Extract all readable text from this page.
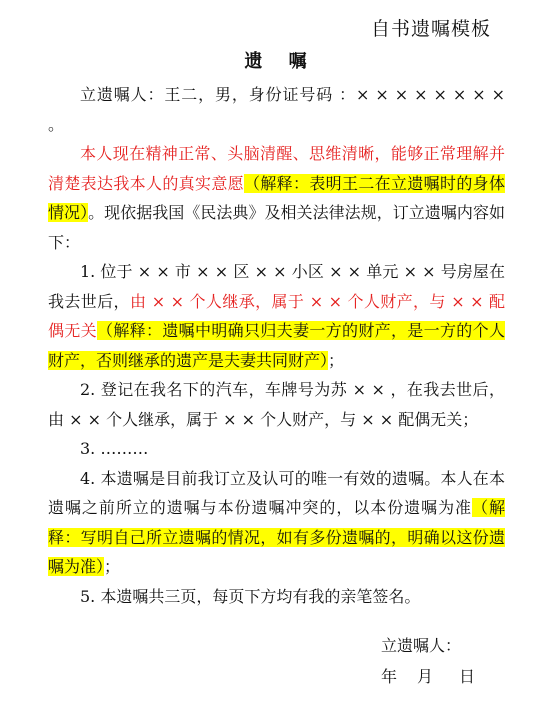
自书遗嘱模板
遗 嘱

立遗嘱人：王二，男，身份证号码 ：× × × × × × × × 。

本人现在精神正常、头脑清醒、思维清晰，能够正常理解并清楚表达我本人的真实意愿（解释：表明王二在立遗嘱时的身体情况）。现依据我国《民法典》及相关法律法规，订立遗嘱内容如下：

1. 位于 × × 市 × × 区 × × 小区 × × 单元 × × 号房屋在我去世后，由 × × 个人继承，属于 × × 个人财产，与 × × 配偶无关（解释：遗嘱中明确只归夫妻一方的财产，是一方的个人财产，否则继承的遗产是夫妻共同财产）；

2. 登记在我名下的汽车，车牌号为苏 × × ，在我去世后，由 × × 个人继承，属于 × × 个人财产，与 × × 配偶无关；

3. ………

4. 本遗嘱是目前我订立及认可的唯一有效的遗嘱。本人在本遗嘱之前所立的遗嘱与本份遗嘱冲突的，以本份遗嘱为准（解释：写明自己所立遗嘱的情况，如有多份遗嘱的，明确以这份遗嘱为准）；

5. 本遗嘱共三页，每页下方均有我的亲笔签名。

立遗嘱人：
年 月 日
